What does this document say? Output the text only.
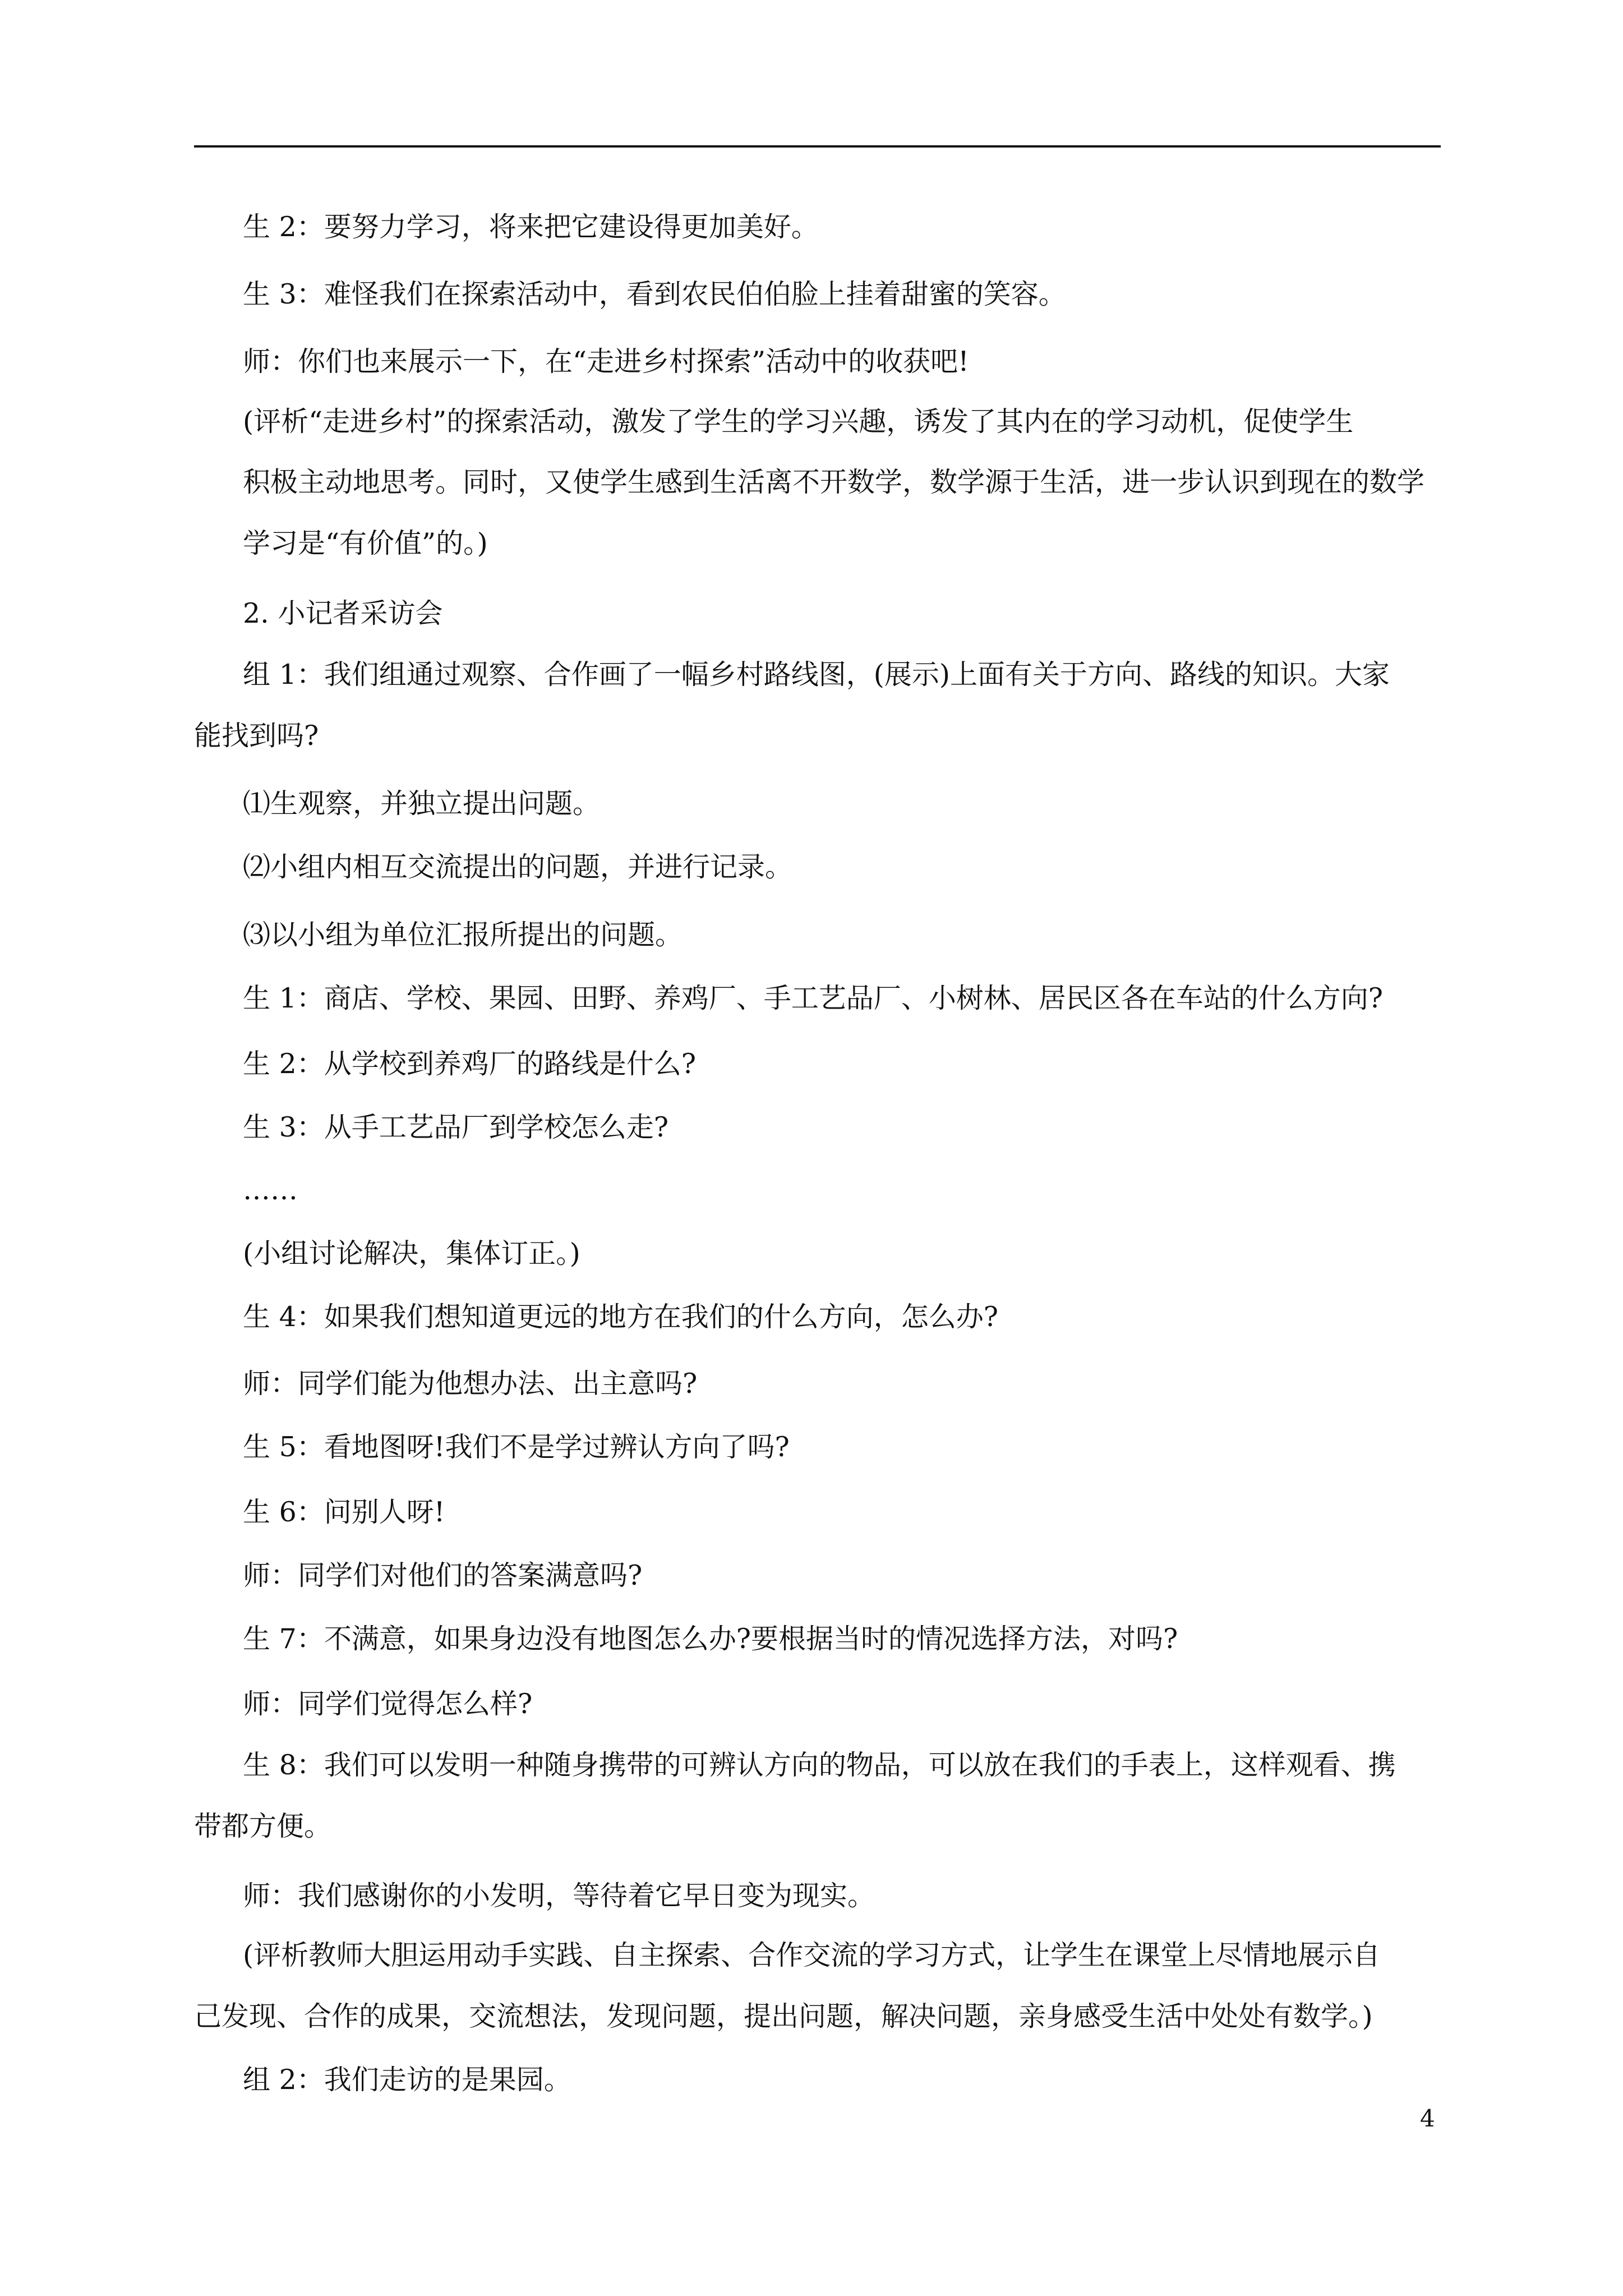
生 2：要努力学习，将来把它建设得更加美好。
生 3：难怪我们在探索活动中，看到农民伯伯脸上挂着甜蜜的笑容。
师：你们也来展示一下，在“走进乡村探索”活动中的收获吧!
(评析“走进乡村”的探索活动，激发了学生的学习兴趣，诱发了其内在的学习动机，促使学生
积极主动地思考。同时，又使学生感到生活离不开数学，数学源于生活，进一步认识到现在的数学
学习是“有价值”的。)
2. 小记者采访会
组 1：我们组通过观察、合作画了一幅乡村路线图，(展示)上面有关于方向、路线的知识。大家
能找到吗?
⑴生观察，并独立提出问题。
⑵小组内相互交流提出的问题，并进行记录。
⑶以小组为单位汇报所提出的问题。
生 1：商店、学校、果园、田野、养鸡厂、手工艺品厂、小树林、居民区各在车站的什么方向?
生 2：从学校到养鸡厂的路线是什么?
生 3：从手工艺品厂到学校怎么走?
……
(小组讨论解决，集体订正。)
生 4：如果我们想知道更远的地方在我们的什么方向，怎么办?
师：同学们能为他想办法、出主意吗?
生 5：看地图呀!我们不是学过辨认方向了吗?
生 6：问别人呀!
师：同学们对他们的答案满意吗?
生 7：不满意，如果身边没有地图怎么办?要根据当时的情况选择方法，对吗?
师：同学们觉得怎么样?
生 8：我们可以发明一种随身携带的可辨认方向的物品，可以放在我们的手表上，这样观看、携
带都方便。
师：我们感谢你的小发明，等待着它早日变为现实。
(评析教师大胆运用动手实践、自主探索、合作交流的学习方式，让学生在课堂上尽情地展示自
己发现、合作的成果，交流想法，发现问题，提出问题，解决问题，亲身感受生活中处处有数学。)
组 2：我们走访的是果园。
4
